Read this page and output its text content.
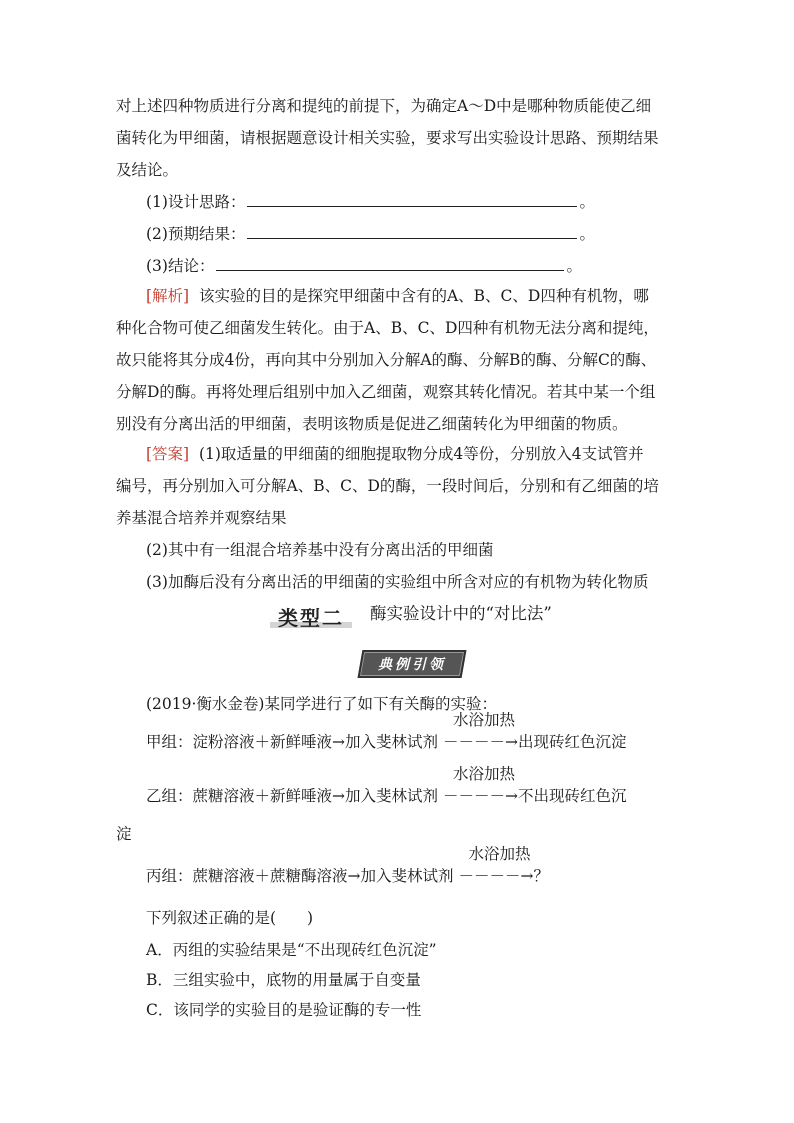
对上述四种物质进行分离和提纯的前提下，为确定A～D中是哪种物质能使乙细
菌转化为甲细菌，请根据题意设计相关实验，要求写出实验设计思路、预期结果
及结论。
(1)设计思路：	。
(2)预期结果：	。
(3)结论：	。
[解析] 该实验的目的是探究甲细菌中含有的A、B、C、D四种有机物，哪
种化合物可使乙细菌发生转化。由于A、B、C、D四种有机物无法分离和提纯，
故只能将其分成4份，再向其中分别加入分解A的酶、分解B的酶、分解C的酶、
分解D的酶。再将处理后组别中加入乙细菌，观察其转化情况。若其中某一个组
别没有分离出活的甲细菌，表明该物质是促进乙细菌转化为甲细菌的物质。
[答案] (1)取适量的甲细菌的细胞提取物分成4等份，分别放入4支试管并
编号，再分别加入可分解A、B、C、D的酶，一段时间后，分别和有乙细菌的培
养基混合培养并观察结果
(2)其中有一组混合培养基中没有分离出活的甲细菌
(3)加酶后没有分离出活的甲细菌的实验组中所含对应的有机物为转化物质
类型二 酶实验设计中的“对比法”
典例引领
(2019·衡水金卷)某同学进行了如下有关酶的实验：
甲组：淀粉溶液＋新鲜唾液→加入斐林试剂
水浴加热
－－－－→出现砖红色沉淀
乙组：蔗糖溶液＋新鲜唾液→加入斐林试剂
水浴加热
－－－－→不出现砖红色沉
淀
丙组：蔗糖溶液＋蔗糖酶溶液→加入斐林试剂
水浴加热
－－－－→？
下列叙述正确的是(　　)
A．丙组的实验结果是“不出现砖红色沉淀”
B．三组实验中，底物的用量属于自变量
C．该同学的实验目的是验证酶的专一性
